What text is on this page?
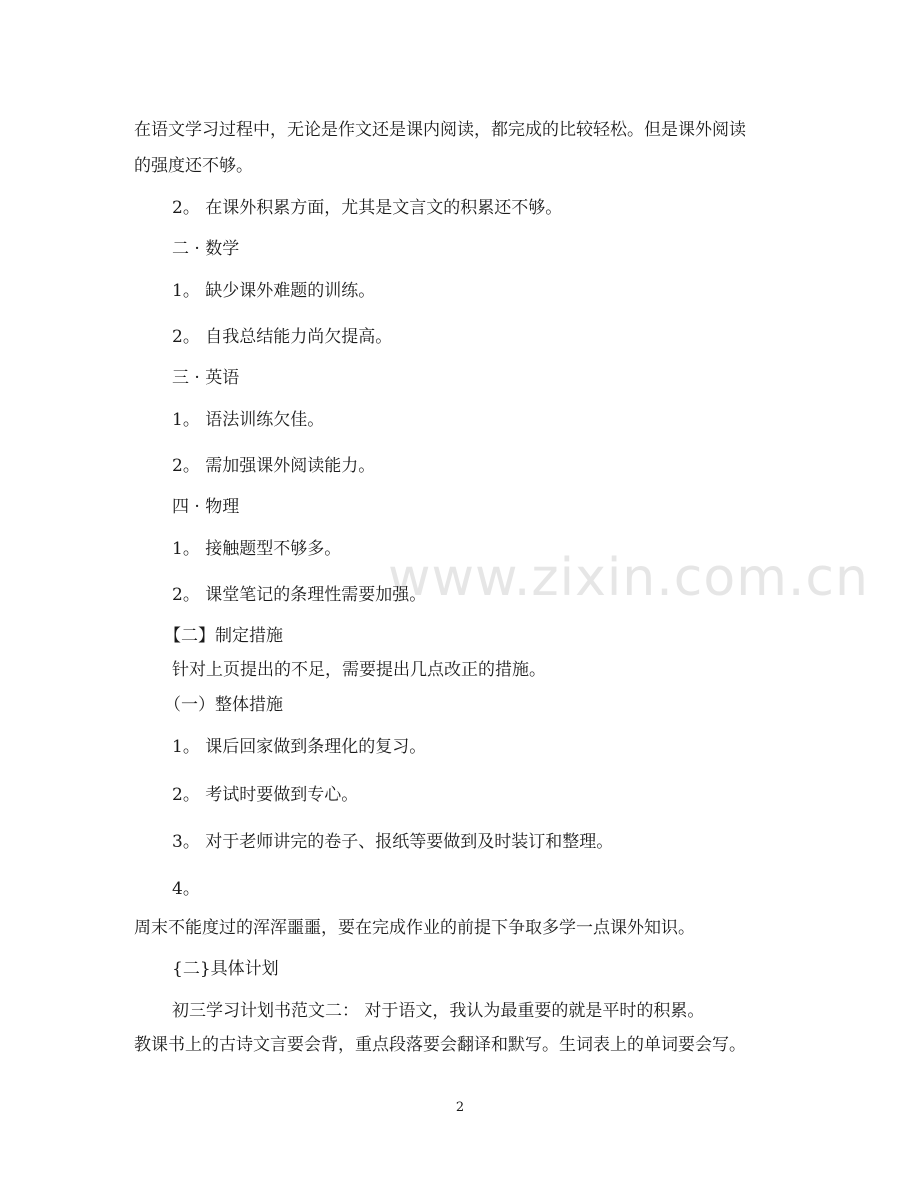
www.zixin.com.cn
在语文学习过程中，无论是作文还是课内阅读，都完成的比较轻松。但是课外阅读
的强度还不够。
2。 在课外积累方面，尤其是文言文的积累还不够。
二 · 数学
1。 缺少课外难题的训练。
2。 自我总结能力尚欠提高。
三 · 英语
1。 语法训练欠佳。
2。 需加强课外阅读能力。
四 · 物理
1。 接触题型不够多。
2。 课堂笔记的条理性需要加强。
【二】制定措施
针对上页提出的不足，需要提出几点改正的措施。
（一）整体措施
1。 课后回家做到条理化的复习。
2。 考试时要做到专心。
3。 对于老师讲完的卷子、报纸等要做到及时装订和整理。
4。
周末不能度过的浑浑噩噩，要在完成作业的前提下争取多学一点课外知识。
{二}具体计划
初三学习计划书范文二： 对于语文，我认为最重要的就是平时的积累。
教课书上的古诗文言要会背，重点段落要会翻译和默写。生词表上的单词要会写。
2
